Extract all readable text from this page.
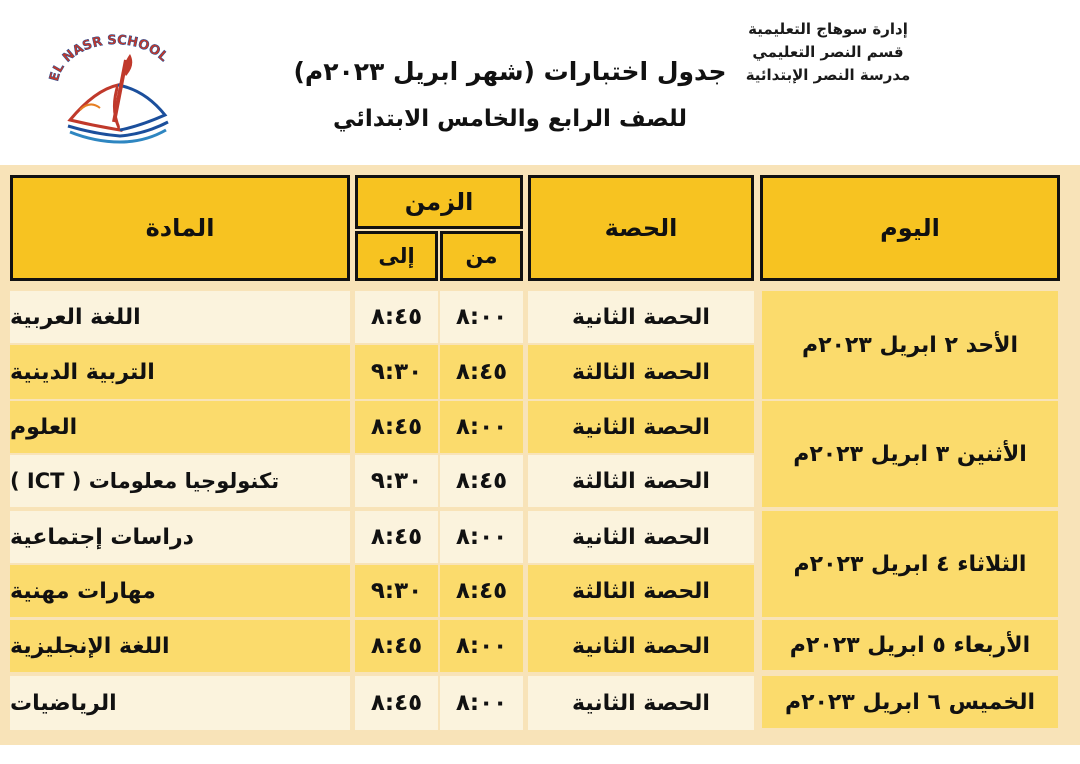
إدارة سوهاج التعليمية
قسم النصر التعليمي
مدرسة النصر الإبتدائية
جدول اختبارات (شهر ابريل ٢٠٢٣م)
للصف الرابع والخامس الابتدائي
EL NASR SCHOOL
اليوم
الحصة
الزمن
من
إلى
المادة
الأحد ٢ ابريل ٢٠٢٣م
الأثنين ٣ ابريل ٢٠٢٣م
الثلاثاء ٤ ابريل ٢٠٢٣م
الأربعاء ٥ ابريل ٢٠٢٣م
الخميس ٦ ابريل ٢٠٢٣م
الحصة الثانية
٨:٠٠
٨:٤٥
اللغة العربية
الحصة الثالثة
٨:٤٥
٩:٣٠
التربية الدينية
الحصة الثانية
٨:٠٠
٨:٤٥
العلوم
الحصة الثالثة
٨:٤٥
٩:٣٠
تكنولوجيا معلومات ( ICT )
الحصة الثانية
٨:٠٠
٨:٤٥
دراسات إجتماعية
الحصة الثالثة
٨:٤٥
٩:٣٠
مهارات مهنية
الحصة الثانية
٨:٠٠
٨:٤٥
اللغة الإنجليزية
الحصة الثانية
٨:٠٠
٨:٤٥
الرياضيات
